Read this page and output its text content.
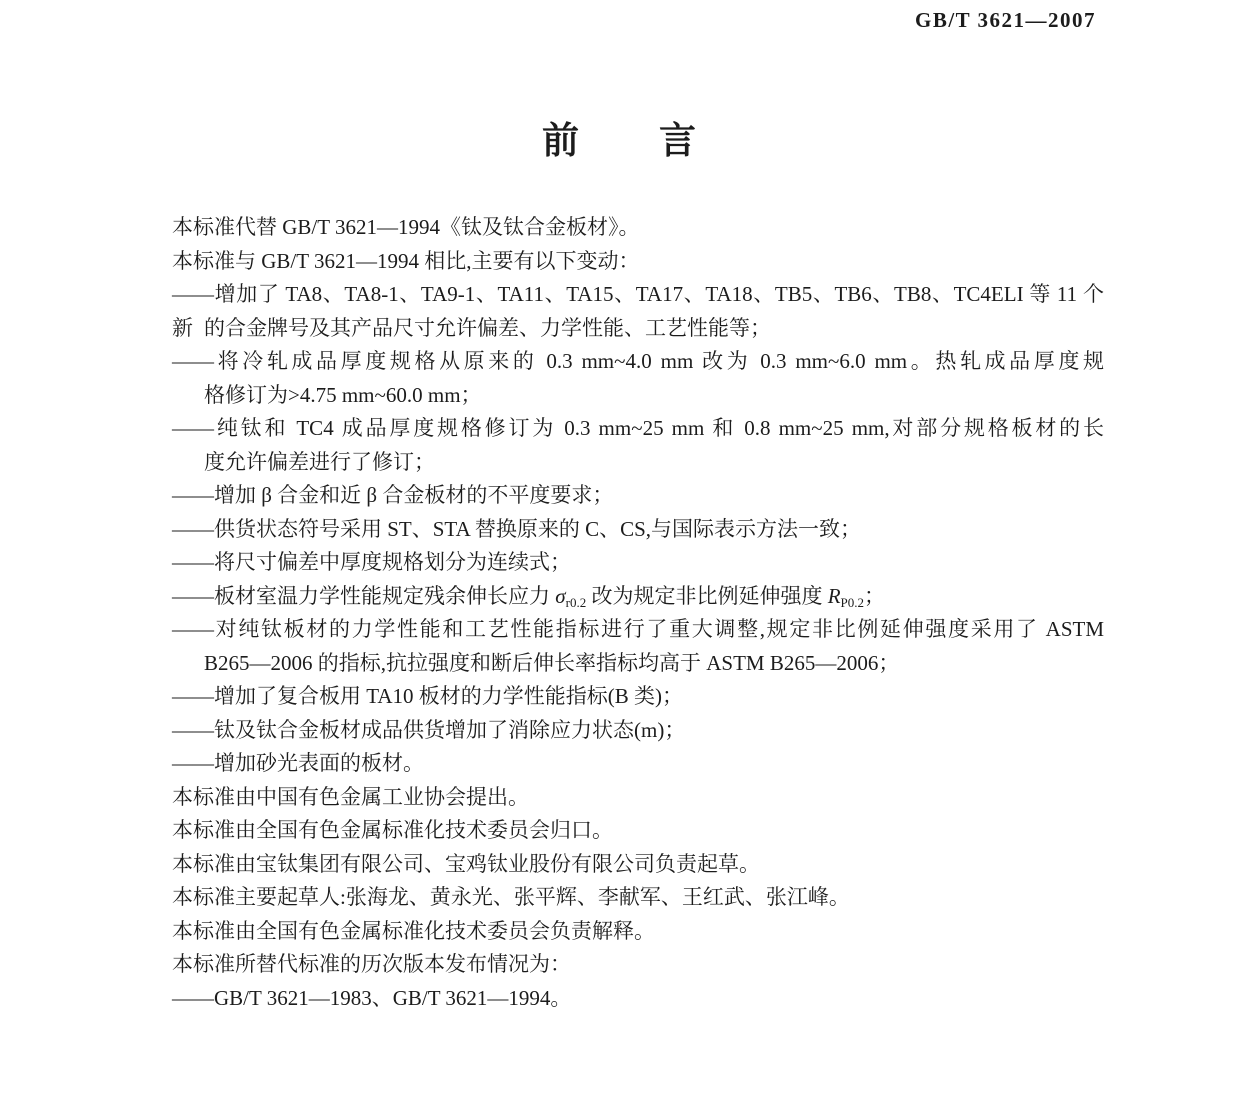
GB/T 3621—2007
前　　言
本标准代替 GB/T 3621—1994《钛及钛合金板材》。
本标准与 GB/T 3621—1994 相比,主要有以下变动：
——增加了 TA8、TA8-1、TA9-1、TA11、TA15、TA17、TA18、TB5、TB6、TB8、TC4ELI 等 11 个新 的合金牌号及其产品尺寸允许偏差、力学性能、工艺性能等；
——将冷轧成品厚度规格从原来的 0.3 mm~4.0 mm 改为 0.3 mm~6.0 mm。热轧成品厚度规
格修订为>4.75 mm~60.0 mm；
——纯钛和 TC4 成品厚度规格修订为 0.3 mm~25 mm 和 0.8 mm~25 mm,对部分规格板材的长
度允许偏差进行了修订；
——增加 β 合金和近 β 合金板材的不平度要求；
——供货状态符号采用 ST、STA 替换原来的 C、CS,与国际表示方法一致；
——将尺寸偏差中厚度规格划分为连续式；
——板材室温力学性能规定残余伸长应力 $\sigma_{r0.2}$ 改为规定非比例延伸强度 $R_{P0.2}$；
——对纯钛板材的力学性能和工艺性能指标进行了重大调整,规定非比例延伸强度采用了 ASTM
B265—2006 的指标,抗拉强度和断后伸长率指标均高于 ASTM B265—2006；
——增加了复合板用 TA10 板材的力学性能指标(B 类)；
——钛及钛合金板材成品供货增加了消除应力状态(m)；
——增加砂光表面的板材。
本标准由中国有色金属工业协会提出。
本标准由全国有色金属标准化技术委员会归口。
本标准由宝钛集团有限公司、宝鸡钛业股份有限公司负责起草。
本标准主要起草人:张海龙、黄永光、张平辉、李献军、王红武、张江峰。
本标准由全国有色金属标准化技术委员会负责解释。
本标准所替代标准的历次版本发布情况为：
——GB/T 3621—1983、GB/T 3621—1994。
